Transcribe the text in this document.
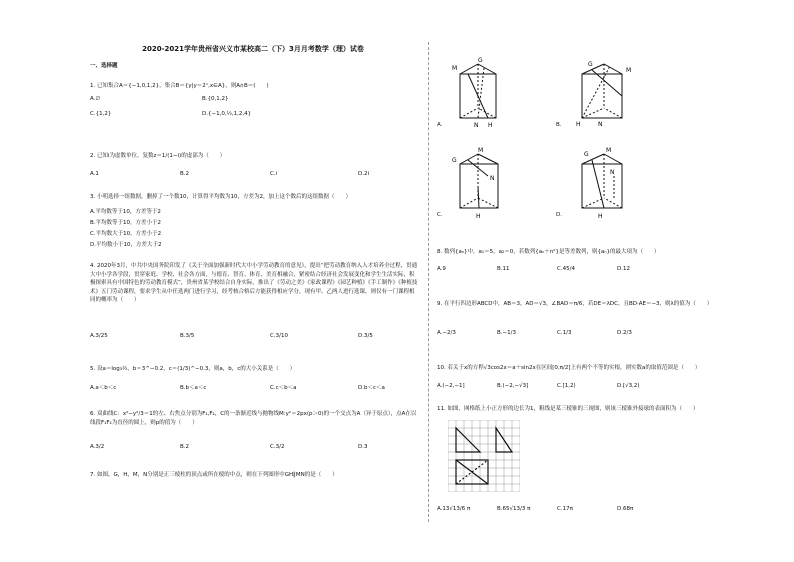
2020-2021学年贵州省兴义市某校高二（下）3月月考数学（理）试卷
一、选择题
1. 已知集合A＝{−1,0,1,2}，集合B＝{y|y＝2ˣ,x∈A}，则A∩B＝(　　)
A.∅	B.{0,1,2}
C.{1,2}	D.{−1,0,½,1,2,4}
2. 已知i为虚数单位，复数z＝1/(1−i)的虚部为（　　）
A.1	B.2	C.i	D.2i
3. 小明选择一组数据，删掉了一个数10，计算得平均数为10，方差为2，加上这个数后的这组数据（　　）
A.平均数等于10，方差等于2
B.平均数等于10，方差小于2
C.平均数大于10，方差小于2
D.平均数小于10，方差大于2
4. 2020年3月，中共中央国务院印发了《关于全面加强新时代大中小学劳动教育的意见》，提出“把劳动教育纳入人才培养全过程，贯通大中小学各学段，贯穿家庭、学校、社会各方面，与德育、智育、体育、美育相融合，紧密结合经济社会发展变化和学生生活实际，积极探索具有中国特色的劳动教育模式”，贵州省某学校结合自身实际，推出了《劳动之美》《家政课程》《园艺种植》《手工制作》《种植技术》五门劳动课程，要求学生从中任选两门进行学习，经考核合格后方能获得相应学分，现有甲、乙两人进行选课，则仅有一门课程相同的概率为（　　）
A.3/25	B.3/5	C.3/10	D.3/5
5. 设a＝log₃½，b＝3^−0.2，c＝(1/3)^−0.3，则a，b，c的大小关系是（　　）
A.a＜b＜c	B.b＜a＜c	C.c＜b＜a	D.b＜c＜a
6. 双曲线C：x²−y²/3＝1的左、右焦点分别为F₁,F₂，C的一条渐近线与抛物线M:y²＝2px(p＞0)的一个交点为A（异于原点），点A在以线段F₁F₂为直径的圆上，则p的值为（　　）
A.3/2	B.2	C.3/2	D.3
7. 如图，G，H，M，N分别是正三棱柱的顶点或所在棱的中点，则在下列图形中GH∥MN的是（　　）
M
G
N H
A.
G
M
H	N
B.
G
M
N
H
C.
G
M
N
H
D.
8. 数列{aₙ}中，a₁＝5，a₂＝0，若数列{aₙ＋n²}是等差数列，则{aₙ}的最大项为（　　）
A.9	B.11	C.45/4	D.12
9. 在平行四边形ABCD中，AB＝3，AD＝√3，∠BAD＝π/6，若DE＝λDC，且BD·AE＝−3，则λ的值为（　　）
A.−2/3	B.−1/3	C.1/3	D.2/3
10. 若关于x的方程√3cos2x＝a＋sin2x在区间[0,π/2]上有两个不等的实根，则实数a的取值范围是（　　）
A.(−2,−1]	B.(−2,−√3]	C.[1,2)	D.[√3,2)
11. 如图，网格纸上小正方形的边长为1，粗线是某三棱锥的三视图，则该三棱锥外接球的表面积为（　　）
A.13√13/6 π	B.65√13/3 π	C.17π	D.68π
